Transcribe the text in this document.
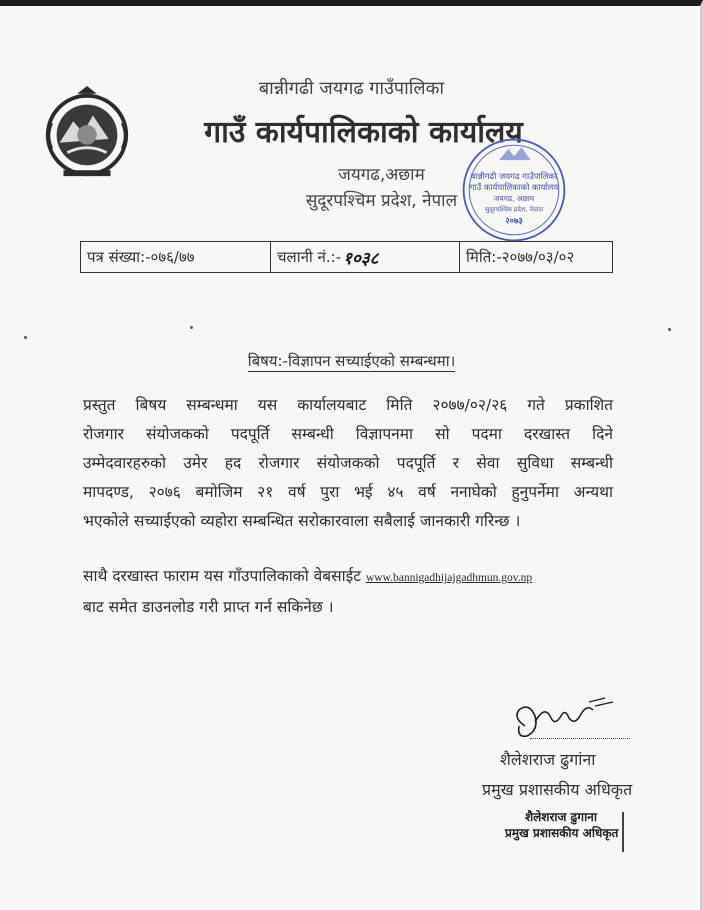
बान्नीगढी जयगढ गाउँपालिका
गाउँ कार्यपालिकाको कार्यालय
जयगढ,अछाम
सुदूरपश्चिम प्रदेश, नेपाल
बान्नीगढी जयगढ गाउँपालिका
गाउँ कार्यपालिकाको कार्यालय
जयगढ, अछाम
सुदूरपश्चिम प्रदेश, नेपाल
२०७३
पत्र संख्या:-०७६/७७	चलानी नं.:- १०३८	मिति:-२०७७/०३/०२
बिषय:-विज्ञापन सच्याईएको सम्बन्धमा।
प्रस्तुत बिषय सम्बन्धमा यस कार्यालयबाट मिति २०७७/०२/२६ गते प्रकाशित
रोजगार संयोजकको पदपूर्ति सम्बन्धी विज्ञापनमा सो पदमा दरखास्त दिने
उम्मेदवारहरुको उमेर हद रोजगार संयोजकको पदपूर्ति र सेवा सुविधा सम्बन्धी
मापदण्ड, २०७६ बमोजिम २१ वर्ष पुरा भई ४५ वर्ष ननाघेको हुनुपर्नेमा अन्यथा
भएकोले सच्याईएको व्यहोरा सम्बन्धित सरोकारवाला सबैलाई जानकारी गरिन्छ ।
साथै दरखास्त फाराम यस गाँउपालिकाको वेबसाईट www.bannigadhijajgadhmun.gov.np
बाट समेत डाउनलोड गरी प्राप्त गर्न सकिनेछ ।
शैलेशराज ढुगांना
प्रमुख प्रशासकीय अधिकृत
शैलेशराज ढुगाना
प्रमुख प्रशासकीय अधिकृत
